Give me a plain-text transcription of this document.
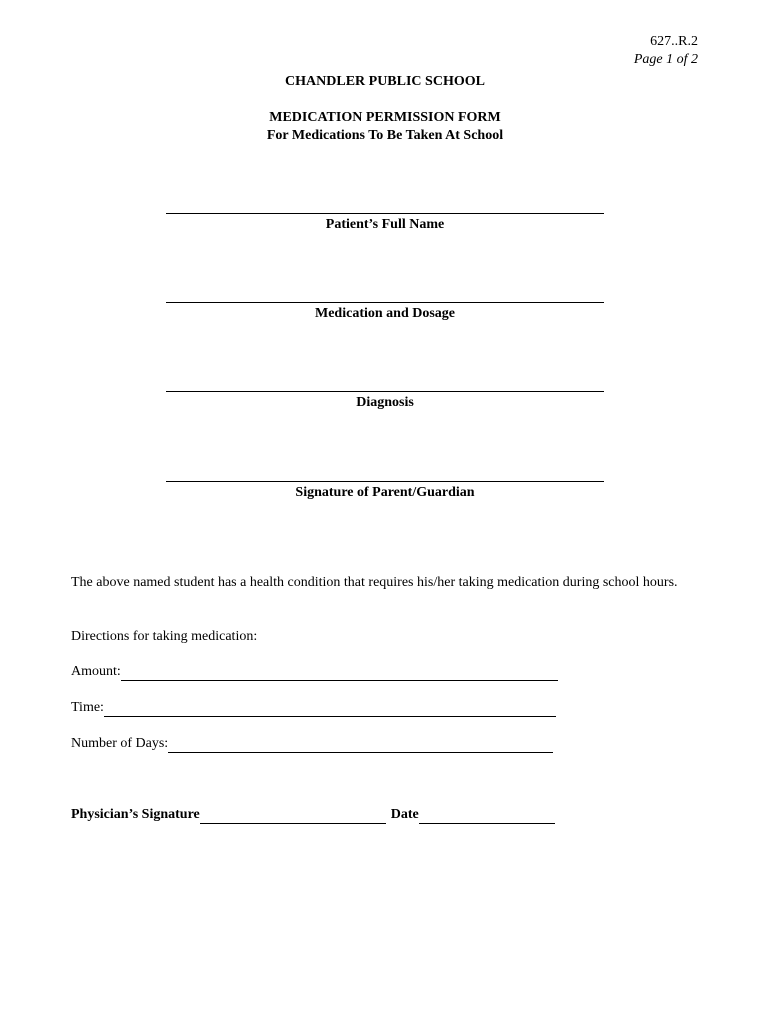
627..R.2
Page 1 of 2
CHANDLER PUBLIC SCHOOL
MEDICATION PERMISSION FORM
For Medications To Be Taken At School
Patient’s Full Name
Medication and Dosage
Diagnosis
Signature of Parent/Guardian
The above named student has a health condition that requires his/her taking medication during school hours.
Directions for taking medication:
Amount:
Time:
Number of Days:
Physician’s Signature	Date
